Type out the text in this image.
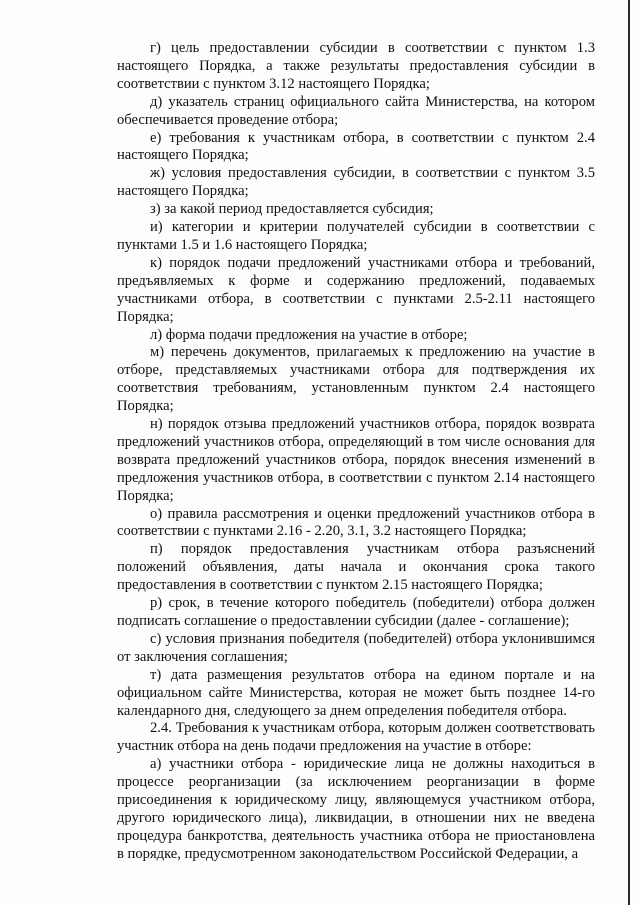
г) цель предоставлении субсидии в соответствии с пунктом 1.3 настоящего Порядка, а также результаты предоставления субсидии в соответствии с пунктом 3.12 настоящего Порядка;

д) указатель страниц официального сайта Министерства, на котором обеспечивается проведение отбора;

е) требования к участникам отбора, в соответствии с пунктом 2.4 настоящего Порядка;

ж) условия предоставления субсидии, в соответствии с пунктом 3.5 настоящего Порядка;

з) за какой период предоставляется субсидия;

и) категории и критерии получателей субсидии в соответствии с пунктами 1.5 и 1.6 настоящего Порядка;

к) порядок подачи предложений участниками отбора и требований, предъявляемых к форме и содержанию предложений, подаваемых участниками отбора, в соответствии с пунктами 2.5-2.11 настоящего Порядка;

л) форма подачи предложения на участие в отборе;

м) перечень документов, прилагаемых к предложению на участие в отборе, представляемых участниками отбора для подтверждения их соответствия требованиям, установленным пунктом 2.4 настоящего Порядка;

н) порядок отзыва предложений участников отбора, порядок возврата предложений участников отбора, определяющий в том числе основания для возврата предложений участников отбора, порядок внесения изменений в предложения участников отбора, в соответствии с пунктом 2.14 настоящего Порядка;

о) правила рассмотрения и оценки предложений участников отбора в соответствии с пунктами 2.16 - 2.20, 3.1, 3.2 настоящего Порядка;

п) порядок предоставления участникам отбора разъяснений положений объявления, даты начала и окончания срока такого предоставления в соответствии с пунктом 2.15 настоящего Порядка;

р) срок, в течение которого победитель (победители) отбора должен подписать соглашение о предоставлении субсидии (далее - соглашение);

с) условия признания победителя (победителей) отбора уклонившимся от заключения соглашения;

т) дата размещения результатов отбора на едином портале и на официальном сайте Министерства, которая не может быть позднее 14-го календарного дня, следующего за днем определения победителя отбора.

2.4. Требования к участникам отбора, которым должен соответствовать участник отбора на день подачи предложения на участие в отборе:

а) участники отбора - юридические лица не должны находиться в процессе реорганизации (за исключением реорганизации в форме присоединения к юридическому лицу, являющемуся участником отбора, другого юридического лица), ликвидации, в отношении них не введена процедура банкротства, деятельность участника отбора не приостановлена в порядке, предусмотренном законодательством Российской Федерации, а
